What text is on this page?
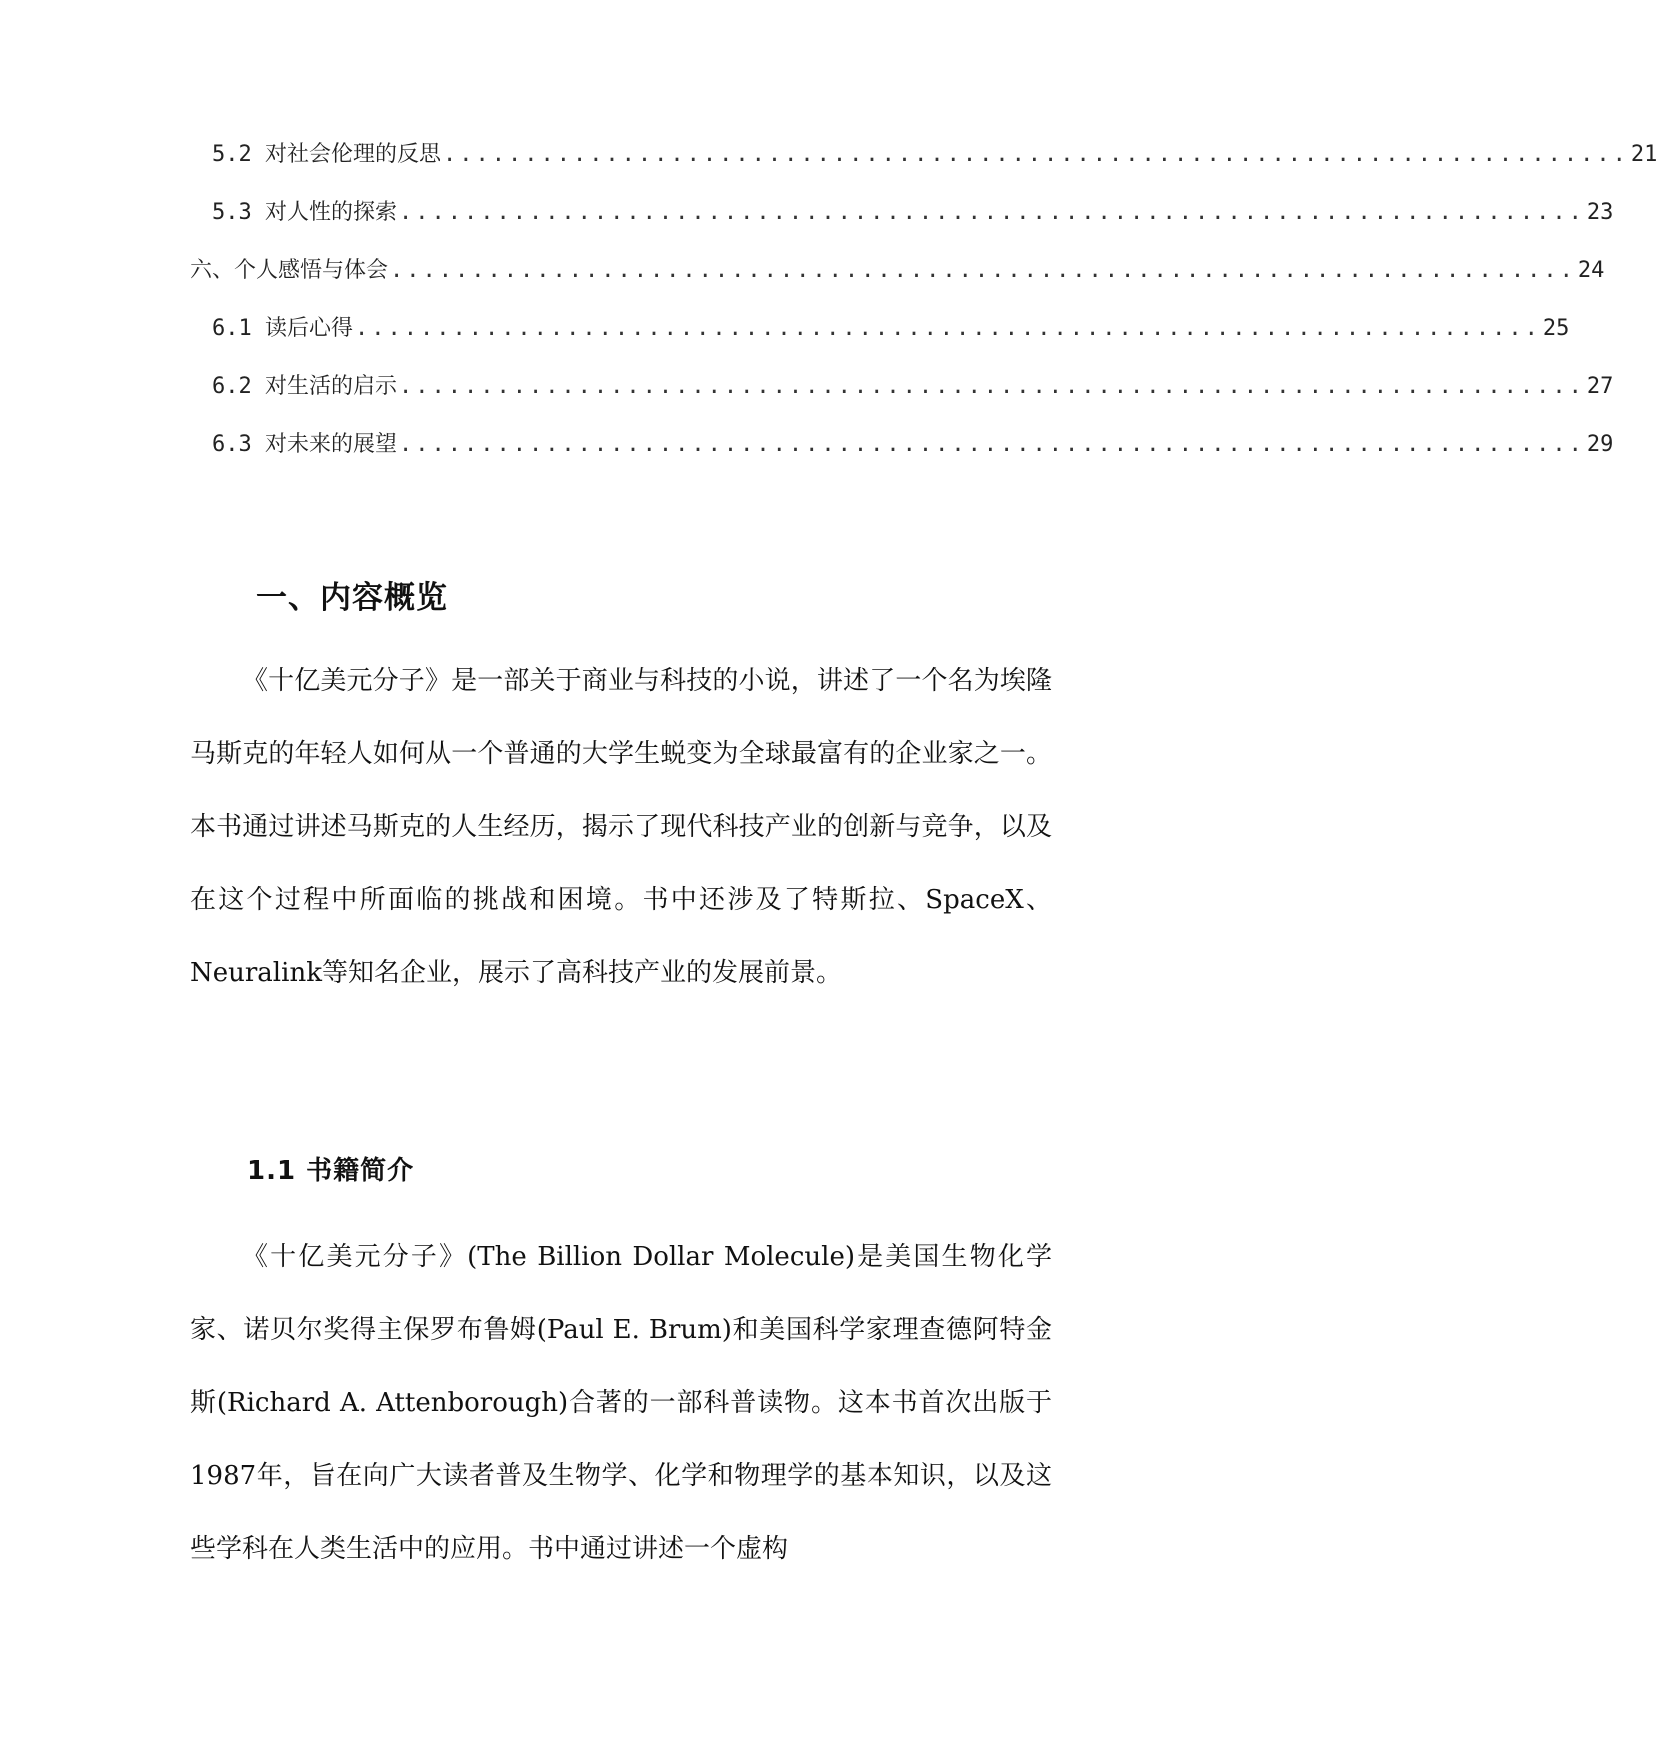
5.2 对社会伦理的反思 ......................................................................... 21
5.3 对人性的探索 ......................................................................... 23
六、个人感悟与体会 ......................................................................... 24
6.1 读后心得 ......................................................................... 25
6.2 对生活的启示 ......................................................................... 27
6.3 对未来的展望 ......................................................................... 29
一、内容概览

《十亿美元分子》是一部关于商业与科技的小说，讲述了一个名为埃隆马斯克的年轻人如何从一个普通的大学生蜕变为全球最富有的企业家之一。本书通过讲述马斯克的人生经历，揭示了现代科技产业的创新与竞争，以及在这个过程中所面临的挑战和困境。书中还涉及了特斯拉、SpaceX、Neuralink等知名企业，展示了高科技产业的发展前景。

1.1 书籍简介

《十亿美元分子》(The Billion Dollar Molecule)是美国生物化学家、诺贝尔奖得主保罗布鲁姆(Paul E. Brum)和美国科学家理查德阿特金斯(Richard A. Attenborough)合著的一部科普读物。这本书首次出版于1987年，旨在向广大读者普及生物学、化学和物理学的基本知识，以及这些学科在人类生活中的应用。书中通过讲述一个虚构
